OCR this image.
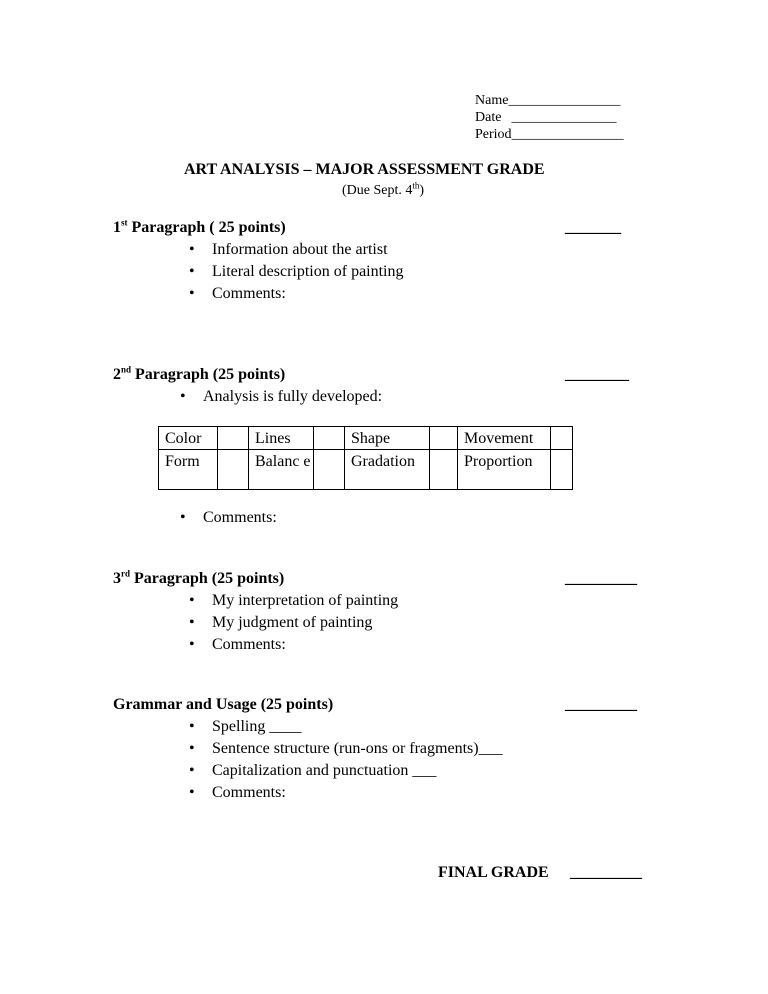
Name________________
Date _______________
Period________________
ART ANALYSIS – MAJOR ASSESSMENT GRADE
(Due Sept. 4th)
1st Paragraph ( 25 points)	_______
• Information about the artist
• Literal description of painting
• Comments:
2nd Paragraph (25 points)	________
• Analysis is fully developed:
Color		Lines		Shape		Movement	
Form		Balanc e		Gradation		Proportion	
• Comments:
3rd Paragraph (25 points)	_________
• My interpretation of painting
• My judgment of painting
• Comments:
Grammar and Usage (25 points)	_________
• Spelling ____
• Sentence structure (run-ons or fragments)___
• Capitalization and punctuation ___
• Comments:
FINAL GRADE _________
